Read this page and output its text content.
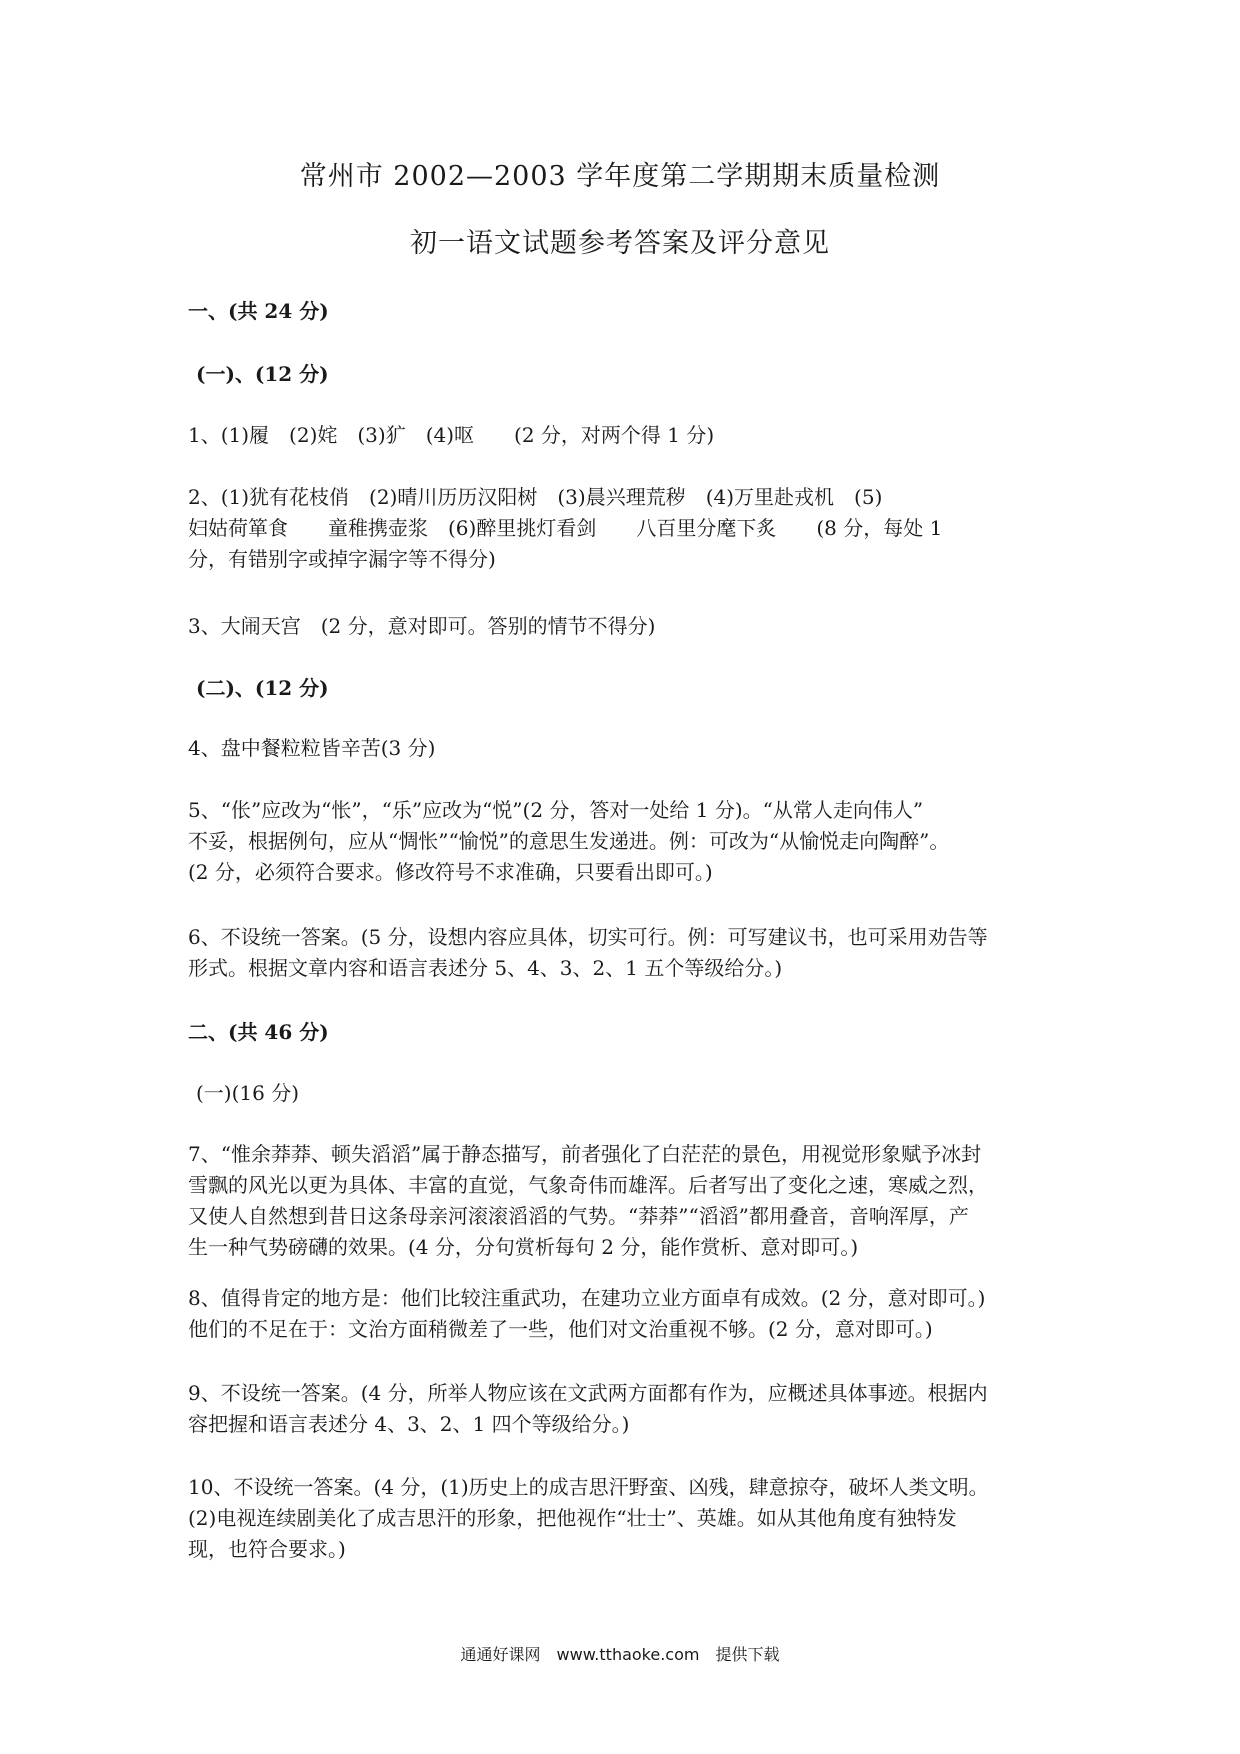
常州市 2002—2003 学年度第二学期期末质量检测
初一语文试题参考答案及评分意见
一、(共 24 分)
(一)、(12 分)
1、(1)履　(2)姹　(3)犷　(4)呕　　(2 分，对两个得 1 分)
2、(1)犹有花枝俏　(2)晴川历历汉阳树　(3)晨兴理荒秽　(4)万里赴戎机　(5)
妇姑荷箪食　　童稚携壶浆　(6)醉里挑灯看剑　　八百里分麾下炙　　(8 分，每处 1
分，有错别字或掉字漏字等不得分)
3、大闹天宫　(2 分，意对即可。答别的情节不得分)
(二)、(12 分)
4、盘中餐粒粒皆辛苦(3 分)
5、“伥”应改为“怅”，“乐”应改为“悦”(2 分，答对一处给 1 分)。“从常人走向伟人”
不妥，根据例句，应从“惆怅”“愉悦”的意思生发递进。例：可改为“从愉悦走向陶醉”。
(2 分，必须符合要求。修改符号不求准确，只要看出即可。)
6、不设统一答案。(5 分，设想内容应具体，切实可行。例：可写建议书，也可采用劝告等
形式。根据文章内容和语言表述分 5、4、3、2、1 五个等级给分。)
二、(共 46 分)
(一)(16 分)
7、“惟余莽莽、顿失滔滔”属于静态描写，前者强化了白茫茫的景色，用视觉形象赋予冰封
雪飘的风光以更为具体、丰富的直觉，气象奇伟而雄浑。后者写出了变化之速，寒威之烈，
又使人自然想到昔日这条母亲河滚滚滔滔的气势。“莽莽”“滔滔”都用叠音，音响浑厚，产
生一种气势磅礴的效果。(4 分，分句赏析每句 2 分，能作赏析、意对即可。)
8、值得肯定的地方是：他们比较注重武功，在建功立业方面卓有成效。(2 分，意对即可。)
他们的不足在于：文治方面稍微差了一些，他们对文治重视不够。(2 分，意对即可。)
9、不设统一答案。(4 分，所举人物应该在文武两方面都有作为，应概述具体事迹。根据内
容把握和语言表述分 4、3、2、1 四个等级给分。)
10、不设统一答案。(4 分，(1)历史上的成吉思汗野蛮、凶残，肆意掠夺，破坏人类文明。
(2)电视连续剧美化了成吉思汗的形象，把他视作“壮士”、英雄。如从其他角度有独特发
现，也符合要求。)
通通好课网　www.tthaoke.com　提供下载
